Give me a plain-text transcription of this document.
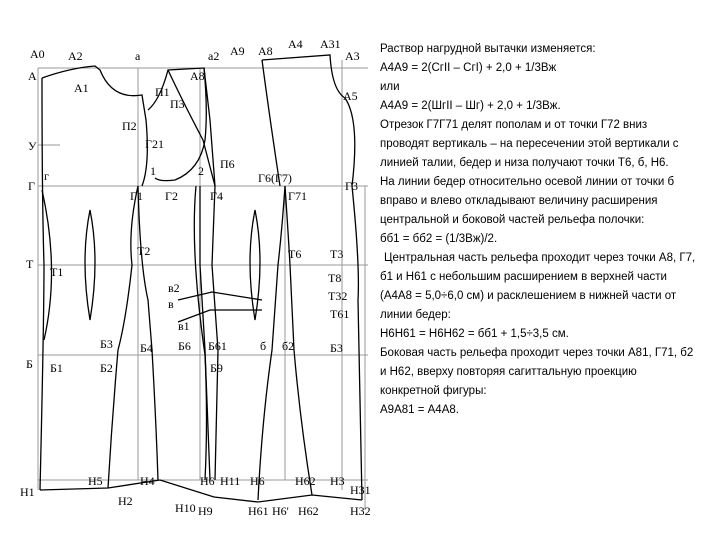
А0 А2	а	а2 А9 А8 А4 А31
А3
А
А1
А8
А5
П1
П3
П2
Г21
П6
У
Г
г
Г1 Г2
1	2
Г4
Г6(Г7)
Г71
Г3
Т2
Т
Т1
Т6 Т3
Т8
Т32
Т61
в2
в
в1
Б3 Б4 Б6 Б61	б б2	Б3
Б Б1	Б2	Б9
Н5	Н4
Н2
Н1
Н6 Н11
Н10 Н9
Н6	Н62 Н3
Н31
Н61 Н6' Н62	Н32

Раствор нагрудной вытачки изменяется:

А4А9 = 2(СгII – СгI) + 2,0 + 1/3Вж

или

А4А9 = 2(ШгII – Шг) + 2,0 + 1/3Вж.

Отрезок Г7Г71 делят пополам и от точки Г72 вниз проводят вертикаль – на пересечении этой вертикали с линией талии, бедер и низа получают точки Т6, б, Н6.

На линии бедер относительно осевой линии от точки б вправо и влево откладывают величину расширения центральной и боковой частей рельефа полочки:

бб1 = бб2 = (1/3Вж)/2.

Центральная часть рельефа проходит через точки А8, Г7, б1 и Н61 с небольшим расширением в верхней части (А4А8 = 5,0÷6,0 см) и расклешением в нижней части от линии бедер:

Н6Н61 = Н6Н62 = бб1 + 1,5÷3,5 см.

Боковая часть рельефа проходит через точки А81, Г71, б2 и Н62, вверху повторяя сагиттальную проекцию конкретной фигуры:

А9А81 = А4А8.
